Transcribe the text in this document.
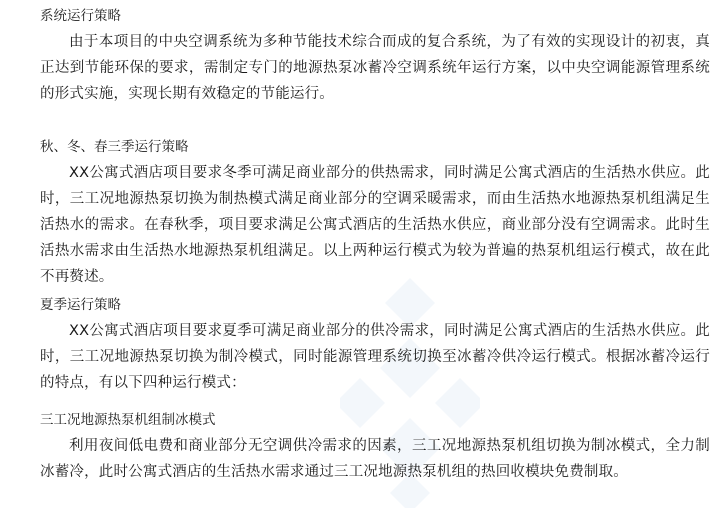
系统运行策略

由于本项目的中央空调系统为多种节能技术综合而成的复合系统，为了有效的实现设计的初衷，真正达到节能环保的要求，需制定专门的地源热泵冰蓄冷空调系统年运行方案，以中央空调能源管理系统的形式实施，实现长期有效稳定的节能运行。

秋、冬、春三季运行策略

XX公寓式酒店项目要求冬季可满足商业部分的供热需求，同时满足公寓式酒店的生活热水供应。此时，三工况地源热泵切换为制热模式满足商业部分的空调采暖需求，而由生活热水地源热泵机组满足生活热水的需求。在春秋季，项目要求满足公寓式酒店的生活热水供应，商业部分没有空调需求。此时生活热水需求由生活热水地源热泵机组满足。以上两种运行模式为较为普遍的热泵机组运行模式，故在此不再赘述。

夏季运行策略

XX公寓式酒店项目要求夏季可满足商业部分的供冷需求，同时满足公寓式酒店的生活热水供应。此时，三工况地源热泵切换为制冷模式，同时能源管理系统切换至冰蓄冷供冷运行模式。根据冰蓄冷运行的特点，有以下四种运行模式：

三工况地源热泵机组制冰模式

利用夜间低电费和商业部分无空调供冷需求的因素，三工况地源热泵机组切换为制冰模式，全力制冰蓄冷，此时公寓式酒店的生活热水需求通过三工况地源热泵机组的热回收模块免费制取。
